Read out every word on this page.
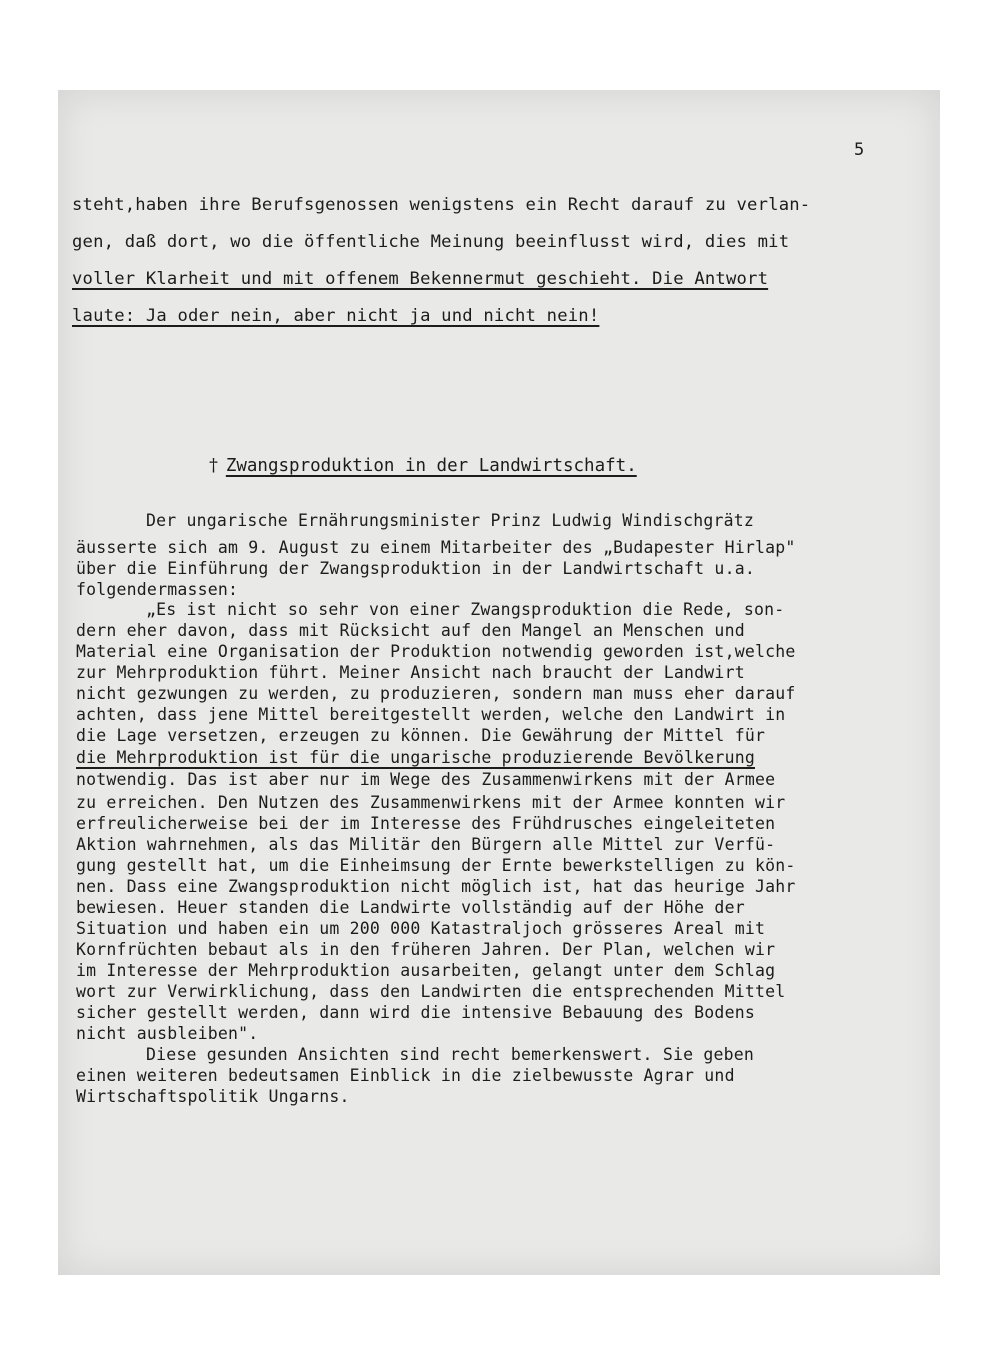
5
steht,haben ihre Berufsgenossen wenigstens ein Recht darauf zu verlan-
gen, daß dort, wo die öffentliche Meinung beeinflusst wird, dies mit
voller Klarheit und mit offenem Bekennermut geschieht. Die Antwort
laute: Ja oder nein, aber nicht ja und nicht nein!

† Zwangsproduktion in der Landwirtschaft.

Der ungarische Ernährungsminister Prinz Ludwig Windischgrätz
äusserte sich am 9. August zu einem Mitarbeiter des „Budapester Hirlap"
über die Einführung der Zwangsproduktion in der Landwirtschaft u.a.
folgendermassen:
„Es ist nicht so sehr von einer Zwangsproduktion die Rede, son-
dern eher davon, dass mit Rücksicht auf den Mangel an Menschen und
Material eine Organisation der Produktion notwendig geworden ist,welche
zur Mehrproduktion führt. Meiner Ansicht nach braucht der Landwirt
nicht gezwungen zu werden, zu produzieren, sondern man muss eher darauf
achten, dass jene Mittel bereitgestellt werden, welche den Landwirt in
die Lage versetzen, erzeugen zu können. Die Gewährung der Mittel für
die Mehrproduktion ist für die ungarische produzierende Bevölkerung
notwendig. Das ist aber nur im Wege des Zusammenwirkens mit der Armee
zu erreichen. Den Nutzen des Zusammenwirkens mit der Armee konnten wir
erfreulicherweise bei der im Interesse des Frühdrusches eingeleiteten
Aktion wahrnehmen, als das Militär den Bürgern alle Mittel zur Verfü-
gung gestellt hat, um die Einheimsung der Ernte bewerkstelligen zu kön-
nen. Dass eine Zwangsproduktion nicht möglich ist, hat das heurige Jahr
bewiesen. Heuer standen die Landwirte vollständig auf der Höhe der
Situation und haben ein um 200 000 Katastraljoch grösseres Areal mit
Kornfrüchten bebaut als in den früheren Jahren. Der Plan, welchen wir
im Interesse der Mehrproduktion ausarbeiten, gelangt unter dem Schlag
wort zur Verwirklichung, dass den Landwirten die entsprechenden Mittel
sicher gestellt werden, dann wird die intensive Bebauung des Bodens
nicht ausbleiben".
Diese gesunden Ansichten sind recht bemerkenswert. Sie geben
einen weiteren bedeutsamen Einblick in die zielbewusste Agrar und
Wirtschaftspolitik Ungarns.
